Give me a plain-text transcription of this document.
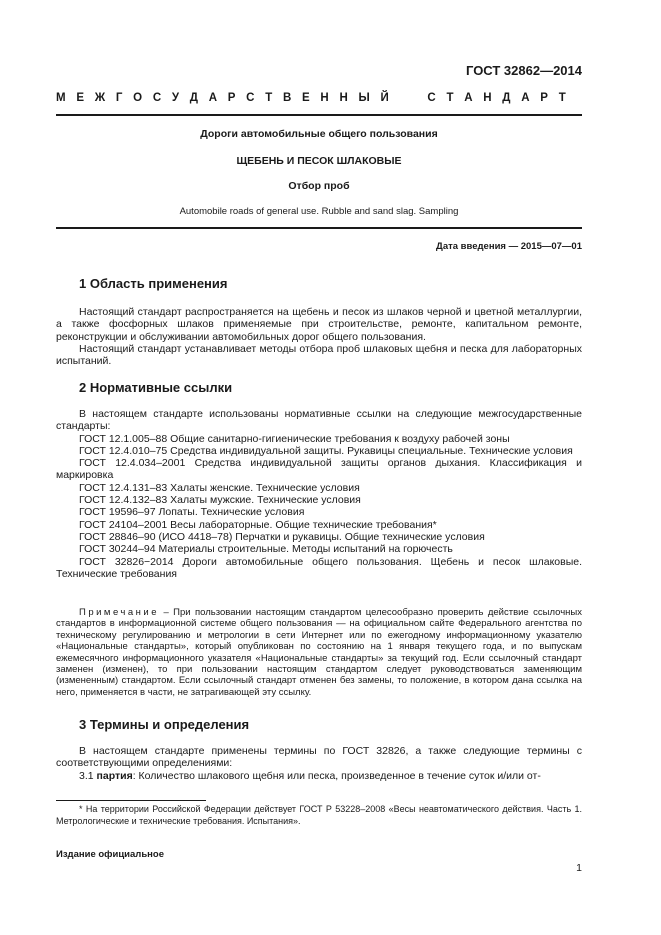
ГОСТ 32862—2014
М Е Ж Г О С У Д А Р С Т В Е Н Н Ы Й

	С Т А Н Д А Р Т
Дороги автомобильные общего пользования
ЩЕБЕНЬ И ПЕСОК ШЛАКОВЫЕ
Отбор проб
Automobile roads of general use. Rubble and sand slag. Sampling
Дата введения — 2015—07—01
1 Область применения

Настоящий стандарт распространяется на щебень и песок из шлаков черной и цветной металлургии, а также фосфорных шлаков применяемые при строительстве, ремонте, капитальном ремонте, реконструкции и обслуживании автомобильных дорог общего пользования.

Настоящий стандарт устанавливает методы отбора проб шлаковых щебня и песка для лабораторных испытаний.

2 Нормативные ссылки

В настоящем стандарте использованы нормативные ссылки на следующие межгосударственные стандарты:

ГОСТ 12.1.005–88 Общие санитарно-гигиенические требования к воздуху рабочей зоны

ГОСТ 12.4.010–75 Средства индивидуальной защиты. Рукавицы специальные. Технические условия

ГОСТ 12.4.034–2001 Средства индивидуальной защиты органов дыхания. Классификация и маркировка

ГОСТ 12.4.131–83 Халаты женские. Технические условия

ГОСТ 12.4.132–83 Халаты мужские. Технические условия

ГОСТ 19596–97 Лопаты. Технические условия

ГОСТ 24104–2001 Весы лабораторные. Общие технические требования*

ГОСТ 28846–90 (ИСО 4418–78) Перчатки и рукавицы. Общие технические условия

ГОСТ 30244–94 Материалы строительные. Методы испытаний на горючесть

ГОСТ 32826−2014 Дороги автомобильные общего пользования. Щебень и песок шлаковые. Технические требования

Примечание – При пользовании настоящим стандартом целесообразно проверить действие ссылочных стандартов в информационной системе общего пользования — на официальном сайте Федерального агентства по техническому регулированию и метрологии в сети Интернет или по ежегодному информационному указателю «Национальные стандарты», который опубликован по состоянию на 1 января текущего года, и по выпускам ежемесячного информационного указателя «Национальные стандарты» за текущий год. Если ссылочный стандарт заменен (изменен), то при пользовании настоящим стандартом следует руководствоваться заменяющим (измененным) стандартом. Если ссылочный стандарт отменен без замены, то положение, в котором дана ссылка на него, применяется в части, не затрагивающей эту ссылку.

3 Термины и определения

В настоящем стандарте применены термины по ГОСТ 32826, а также следующие термины с соответствующими определениями:

3.1 партия: Количество шлакового щебня или песка, произведенное в течение суток и/или от-

* На территории Российской Федерации действует ГОСТ Р 53228–2008 «Весы неавтоматического действия. Часть 1. Метрологические и технические требования. Испытания».

Издание официальное
1
